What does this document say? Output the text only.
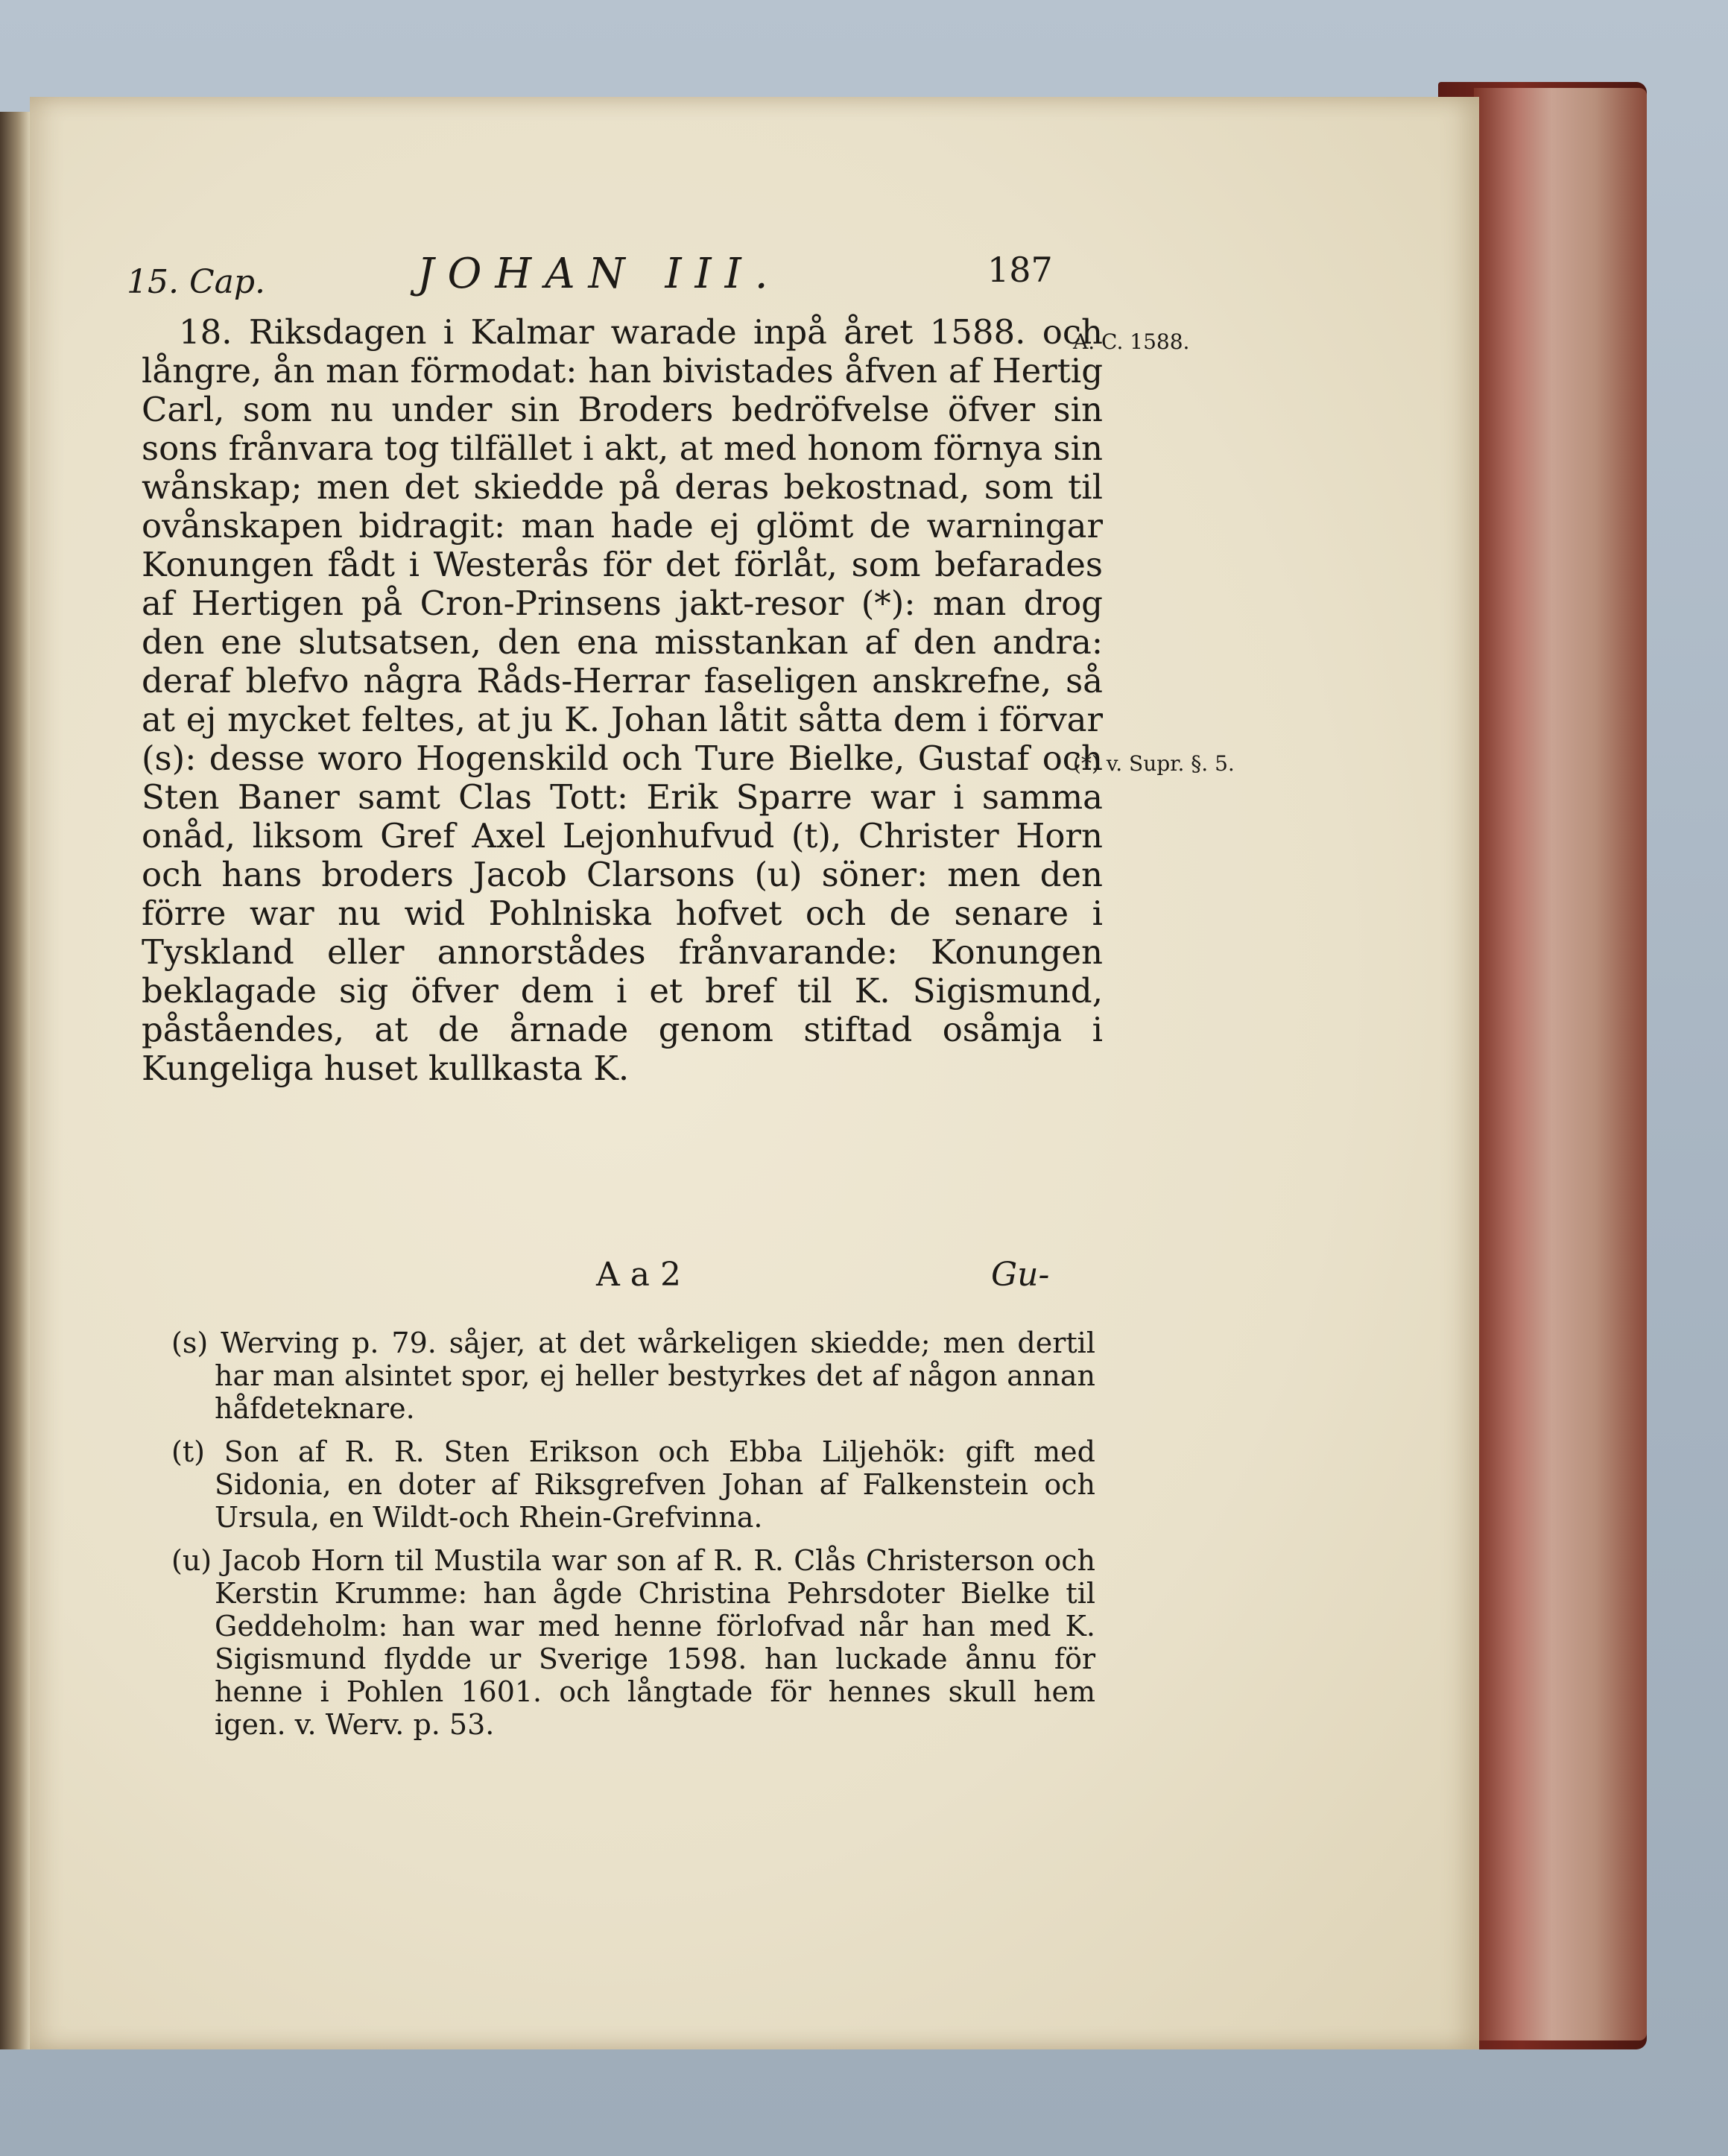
15. Cap.	JOHAN III.	187

18. Riksdagen i Kalmar warade inpå året 1588. och långre, ån man förmodat: han bivistades åfven af Hertig Carl, som nu under sin Broders bedröfvelse öfver sin sons frånvara tog tilfället i akt, at med honom förnya sin wånskap; men det skiedde på deras bekostnad, som til ovånskapen bidragit: man hade ej glömt de warningar Konungen fådt i Westerås för det förlåt, som befarades af Hertigen på Cron-Prinsens jakt-resor (*): man drog den ene slutsatsen, den ena misstankan af den andra: deraf blefvo några Råds-Herrar faseligen anskrefne, så at ej mycket feltes, at ju K. Johan låtit såtta dem i förvar (s): desse woro Hogenskild och Ture Bielke, Gustaf och Sten Baner samt Clas Tott: Erik Sparre war i samma onåd, liksom Gref Axel Lejonhufvud (t), Christer Horn och hans broders Jacob Clarsons (u) söner: men den förre war nu wid Pohlniska hofvet och de senare i Tyskland eller annorstådes frånvarande: Konungen beklagade sig öfver dem i et bref til K. Sigismund, påståendes, at de årnade genom stiftad osåmja i Kungeliga huset kullkasta K.

A. C. 1588.
(*) v. Supr. §. 5.
A a 2	Gu-

(s) Werving p. 79. såjer, at det wårkeligen skiedde; men dertil har man alsintet spor, ej heller bestyrkes det af någon annan håfdeteknare.

(t) Son af R. R. Sten Erikson och Ebba Liljehök: gift med Sidonia, en doter af Riksgrefven Johan af Falkenstein och Ursula, en Wildt-och Rhein-Grefvinna.

(u) Jacob Horn til Mustila war son af R. R. Clås Christerson och Kerstin Krumme: han ågde Christina Pehrsdoter Bielke til Geddeholm: han war med henne förlofvad når han med K. Sigismund flydde ur Sverige 1598. han luckade ånnu för henne i Pohlen 1601. och långtade för hennes skull hem igen. v. Werv. p. 53.
